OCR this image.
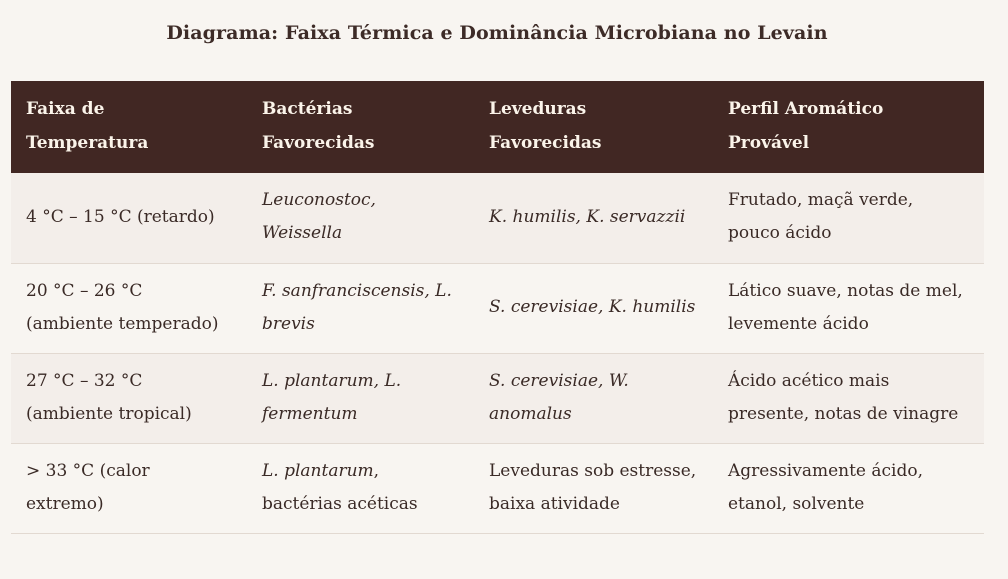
Diagrama: Faixa Térmica e Dominância Microbiana no Levain
Faixa de Temperatura	Bactérias Favorecidas	Leveduras Favorecidas	Perfil Aromático Provável
4 °C – 15 °C (retardo)	Leuconostoc, Weissella	K. humilis, K. servazzii	Frutado, maçã verde, pouco ácido
20 °C – 26 °C (ambiente temperado)	F. sanfranciscensis, L. brevis	S. cerevisiae, K. humilis	Lático suave, notas de mel, levemente ácido
27 °C – 32 °C (ambiente tropical)	L. plantarum, L. fermentum	S. cerevisiae, W. anomalus	Ácido acético mais presente, notas de vinagre
> 33 °C (calor extremo)	L. plantarum, bactérias acéticas	Leveduras sob estresse, baixa atividade	Agressivamente ácido, etanol, solvente
